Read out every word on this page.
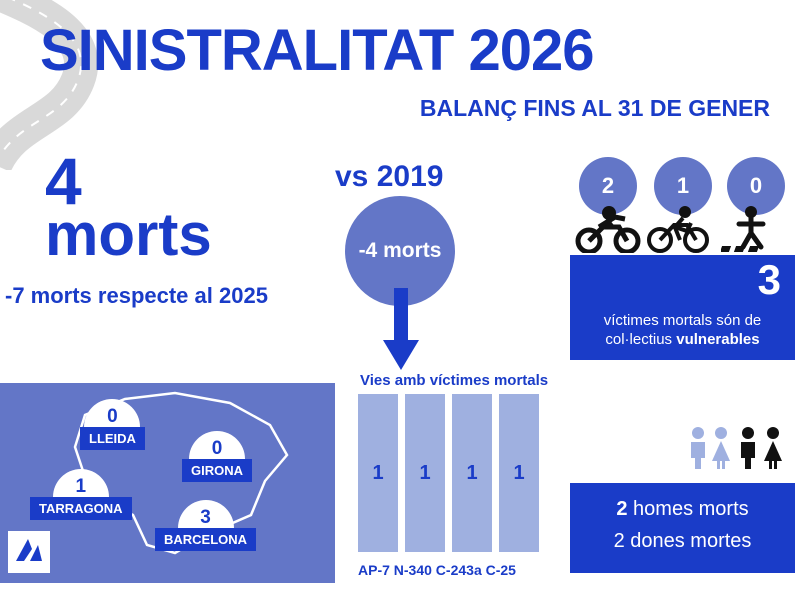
SINISTRALITAT 2026
BALANÇ FINS AL 31 DE GENER
4
morts
-7 morts respecte al 2025
vs 2019
-4 morts
2	1	0
3
víctimes mortals són de
col·lectius vulnerables
0
LLEIDA	0
GIRONA
1
TARRAGONA	3
BARCELONA
Vies amb víctimes mortals
1	1	1	1
AP-7 N-340 C-243a C-25
2 homes morts
2 dones mortes
